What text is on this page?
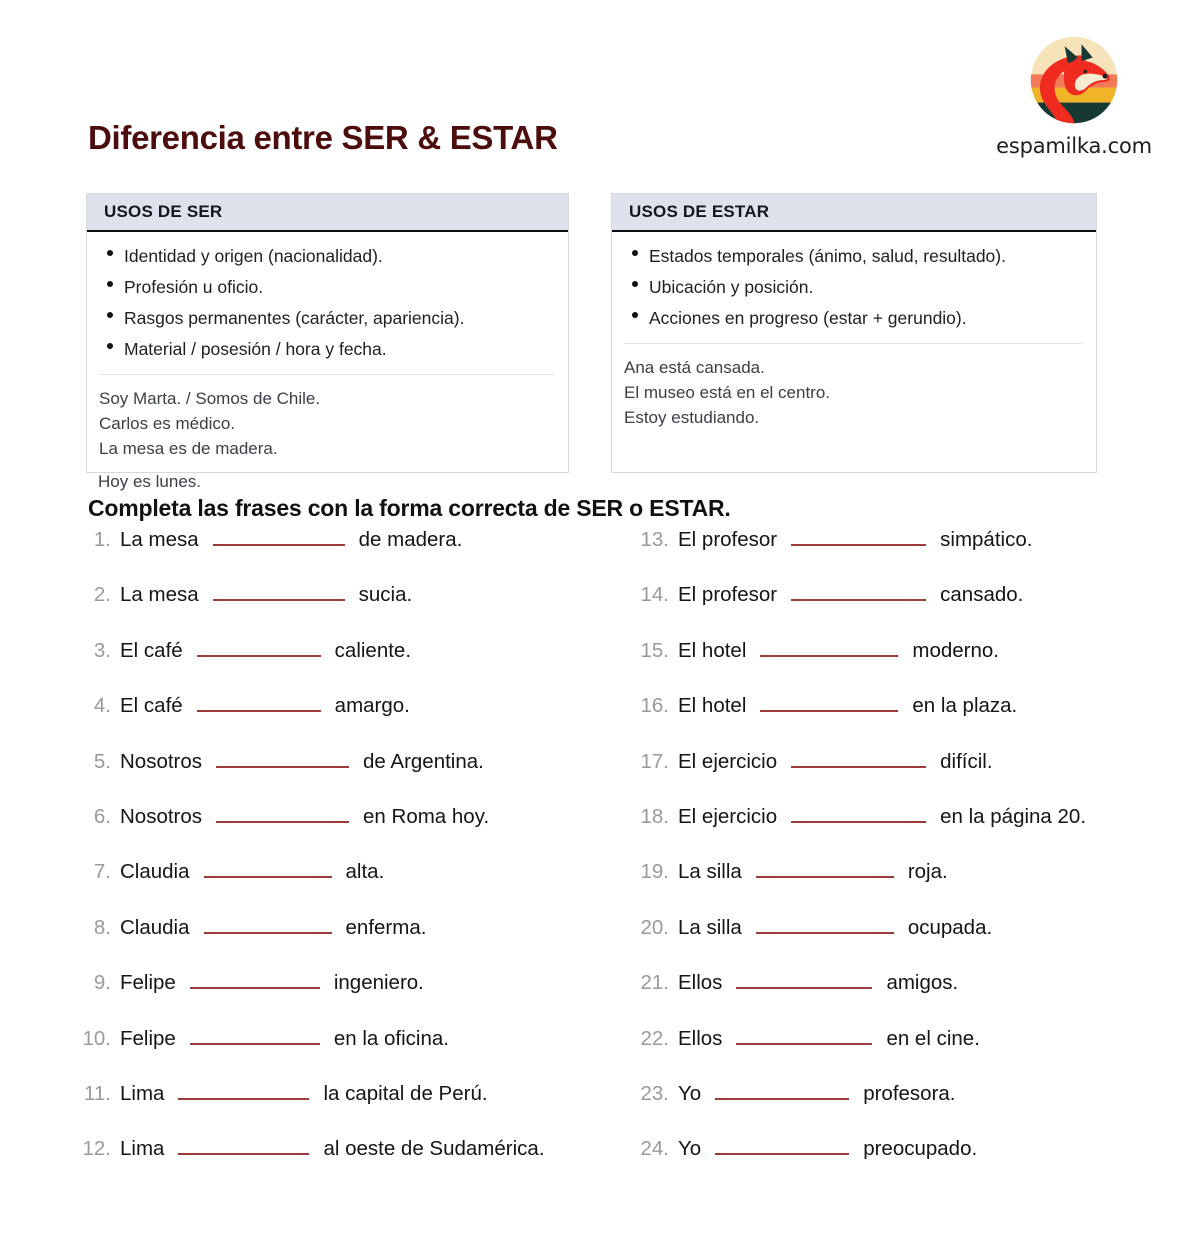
espamilka.com
Diferencia entre SER & ESTAR
USOS DE SER
Identidad y origen (nacionalidad).
Profesión u oficio.
Rasgos permanentes (carácter, apariencia).
Material / posesión / hora y fecha.
Soy Marta. / Somos de Chile.
Carlos es médico.
La mesa es de madera.
USOS DE ESTAR
Estados temporales (ánimo, salud, resultado).
Ubicación y posición.
Acciones en progreso (estar + gerundio).
Ana está cansada.
El museo está en el centro.
Estoy estudiando.
Hoy es lunes.
Completa las frases con la forma correcta de SER o ESTAR.
1. La mesa	de madera.
2. La mesa	sucia.
3. El café	caliente.
4. El café	amargo.
5. Nosotros	de Argentina.
6. Nosotros	en Roma hoy.
7. Claudia	alta.
8. Claudia	enferma.
9. Felipe	ingeniero.
10. Felipe	en la oficina.
11. Lima	la capital de Perú.
12. Lima	al oeste de Sudamérica.
13. El profesor	simpático.
14. El profesor	cansado.
15. El hotel	moderno.
16. El hotel	en la plaza.
17. El ejercicio	difícil.
18. El ejercicio	en la página 20.
19. La silla	roja.
20. La silla	ocupada.
21. Ellos	amigos.
22. Ellos	en el cine.
23. Yo	profesora.
24. Yo	preocupado.
